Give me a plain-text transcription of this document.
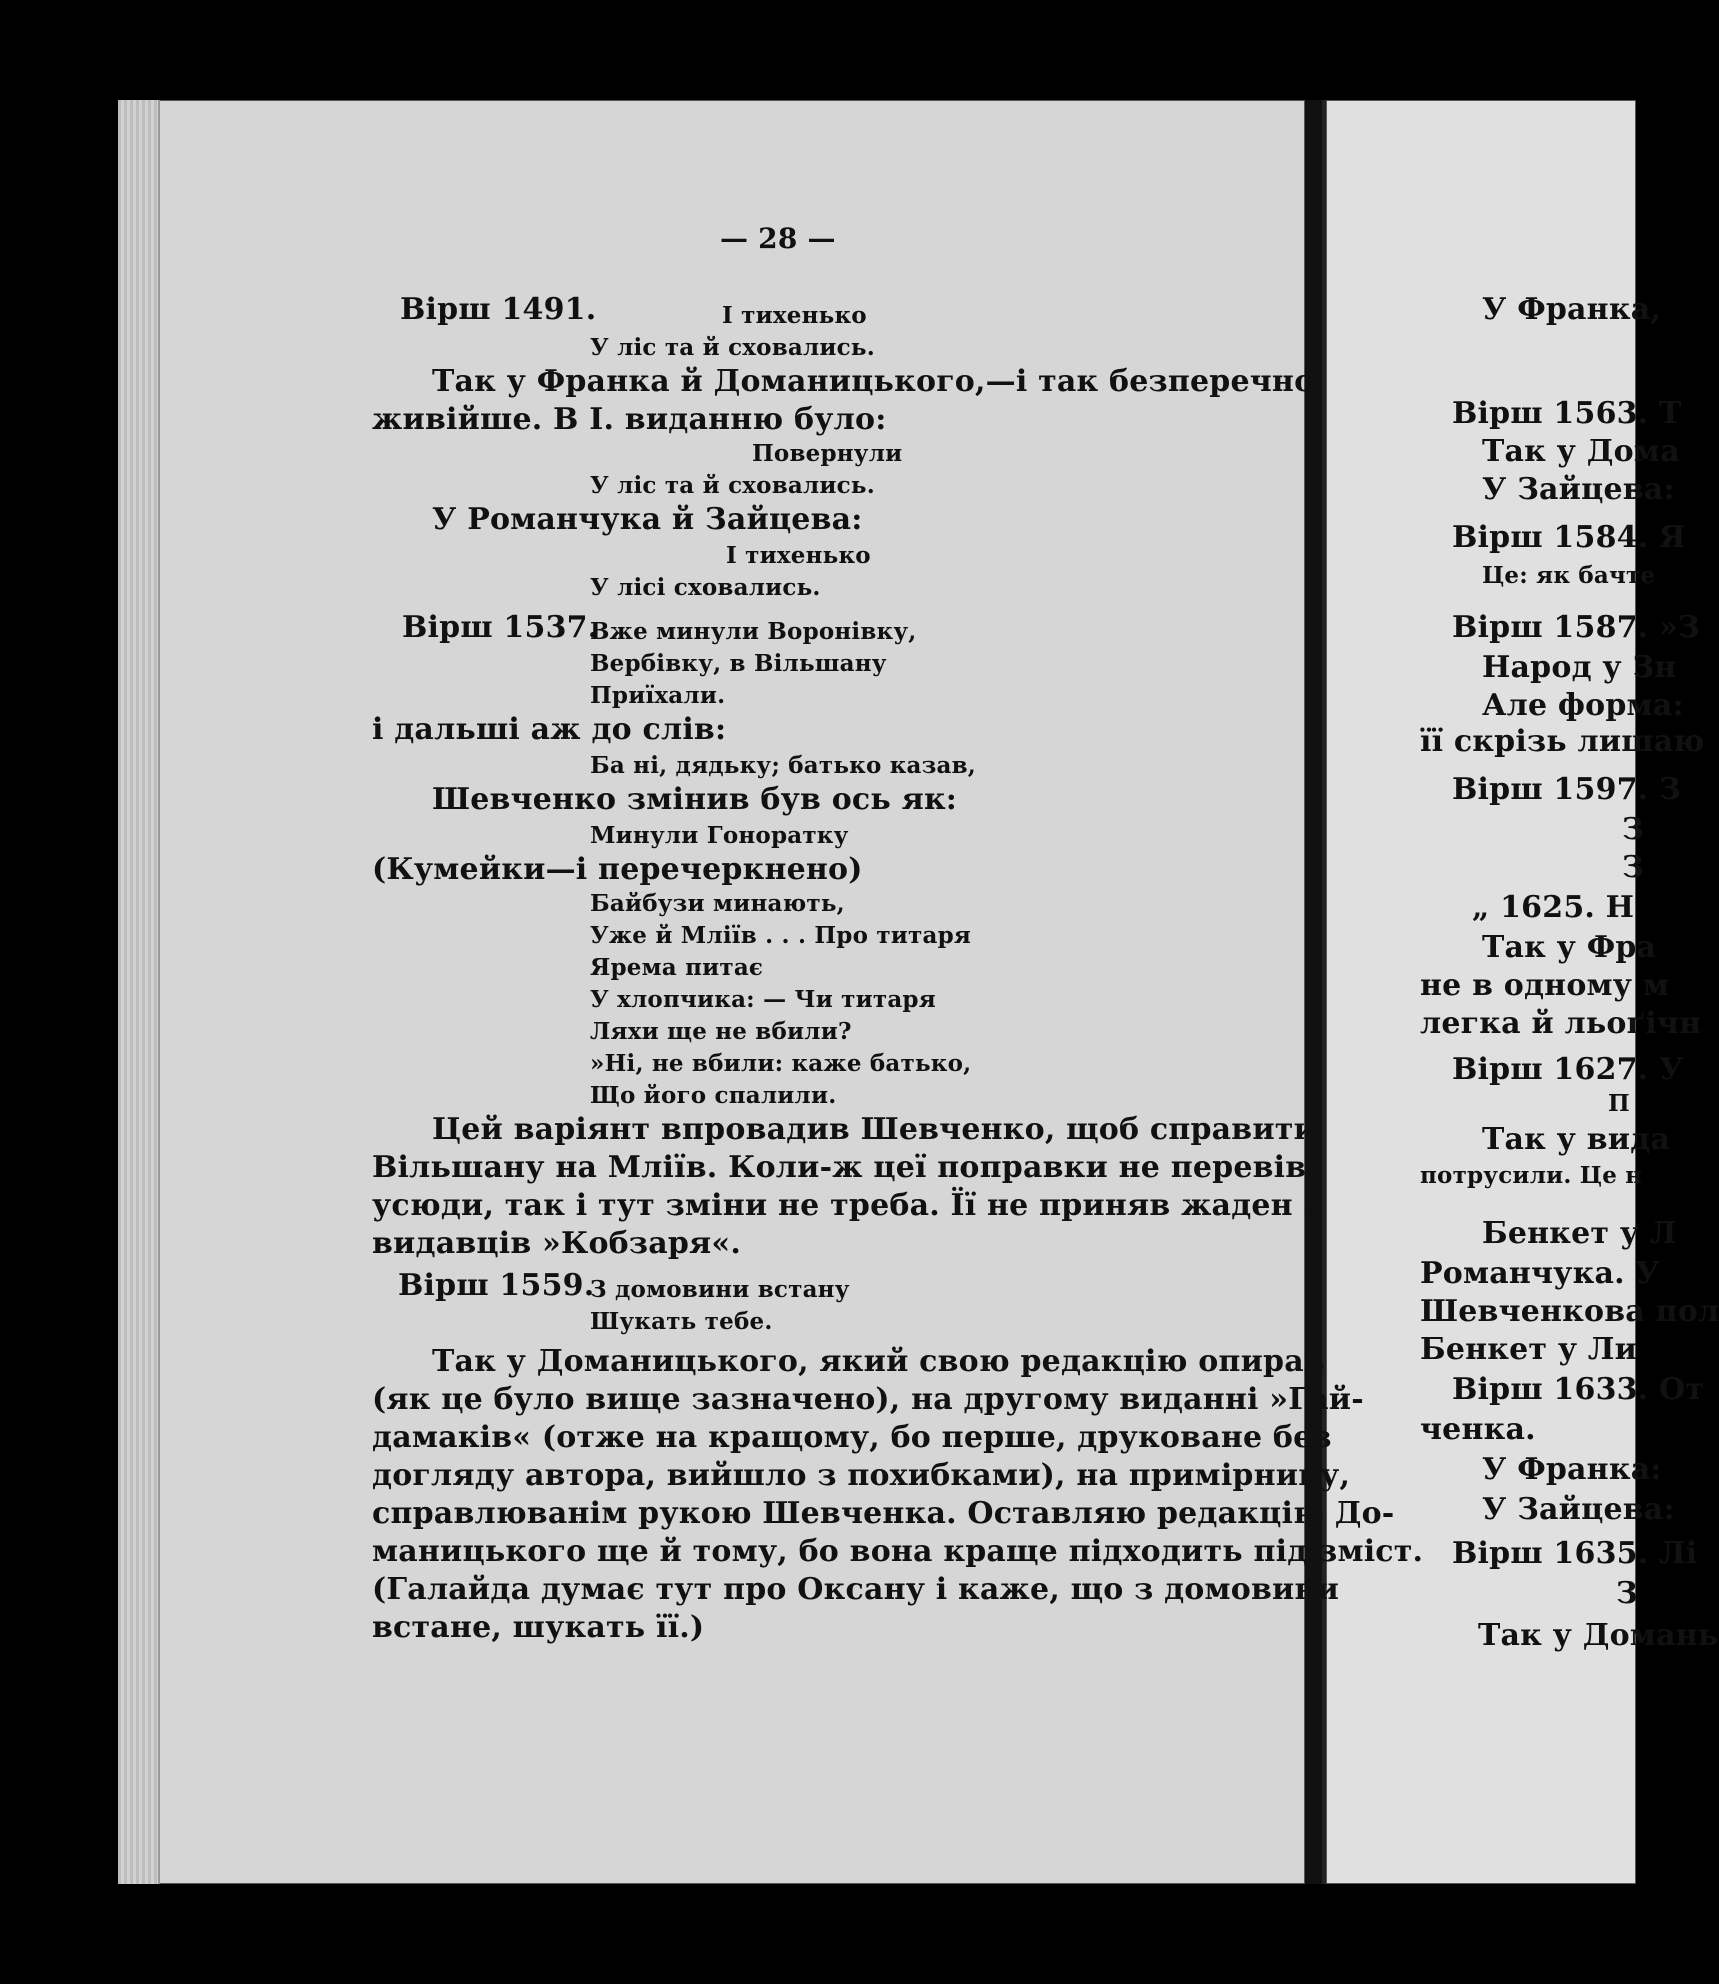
— 28 —

Вірш 1491.	І тихенько

У ліс та й сховались.

Так у Франка й Доманицького,—і так безперечно,

живійше. В І. виданню було:

Повернули

У ліс та й сховались.

У Романчука й Зайцева:

І тихенько

У лісі сховались.

Вірш 1537.

Вже минули Воронівку,

Вербівку, в Вільшану

Приїхали.

і дальші аж до слів:

Ба ні, дядьку; батько казав,

Шевченко змінив був ось як:

Минули Гоноратку

(Кумейки—і перечеркнено)

Байбузи минають,

Уже й Мліїв . . . Про титаря

Ярема питає

У хлопчика: — Чи титаря

Ляхи ще не вбили?

»Ні, не вбили: каже батько,

Що його спалили.

Цей варіянт впровадив Шевченко, щоб справити

Вільшану на Мліїв. Коли-ж цеї поправки не перевів

усюди, так і тут зміни не треба. Її не приняв жаден з

видавців »Кобзаря«.

Вірш 1559.

З домовини встану

Шукать тебе.

Так у Доманицького, який свою редакцію опирав

(як це було вище зазначено), на другому виданні »Гай-

дамаків« (отже на кращому, бо перше, друковане без

догляду автора, вийшло з похибками), на примірнику,

справлюванім рукою Шевченка. Оставляю редакцію До-

маницького ще й тому, бо вона краще підходить під зміст.

(Галайда думає тут про Оксану і каже, що з домовини

встане, шукать її.)

У Франка,

Вірш 1563. Т

Так у Дома

У Зайцева:

Вірш 1584. Я

Це: як бачте

Вірш 1587. »З

Народ у Зн

Але форма:

її скрізь лишаю

Вірш 1597. З

З

З

„ 1625. Н

Так у Фра

не в одному м

легка й льоґічн

Вірш 1627. У

П

Так у вида

потрусили. Це н

Бенкет у Л

Романчука. У

Шевченкова пол

Бенкет у Ли

Вірш 1633. От

ченка.

У Франка:

У Зайцева:

Вірш 1635. Лі

З

Так у Домань
